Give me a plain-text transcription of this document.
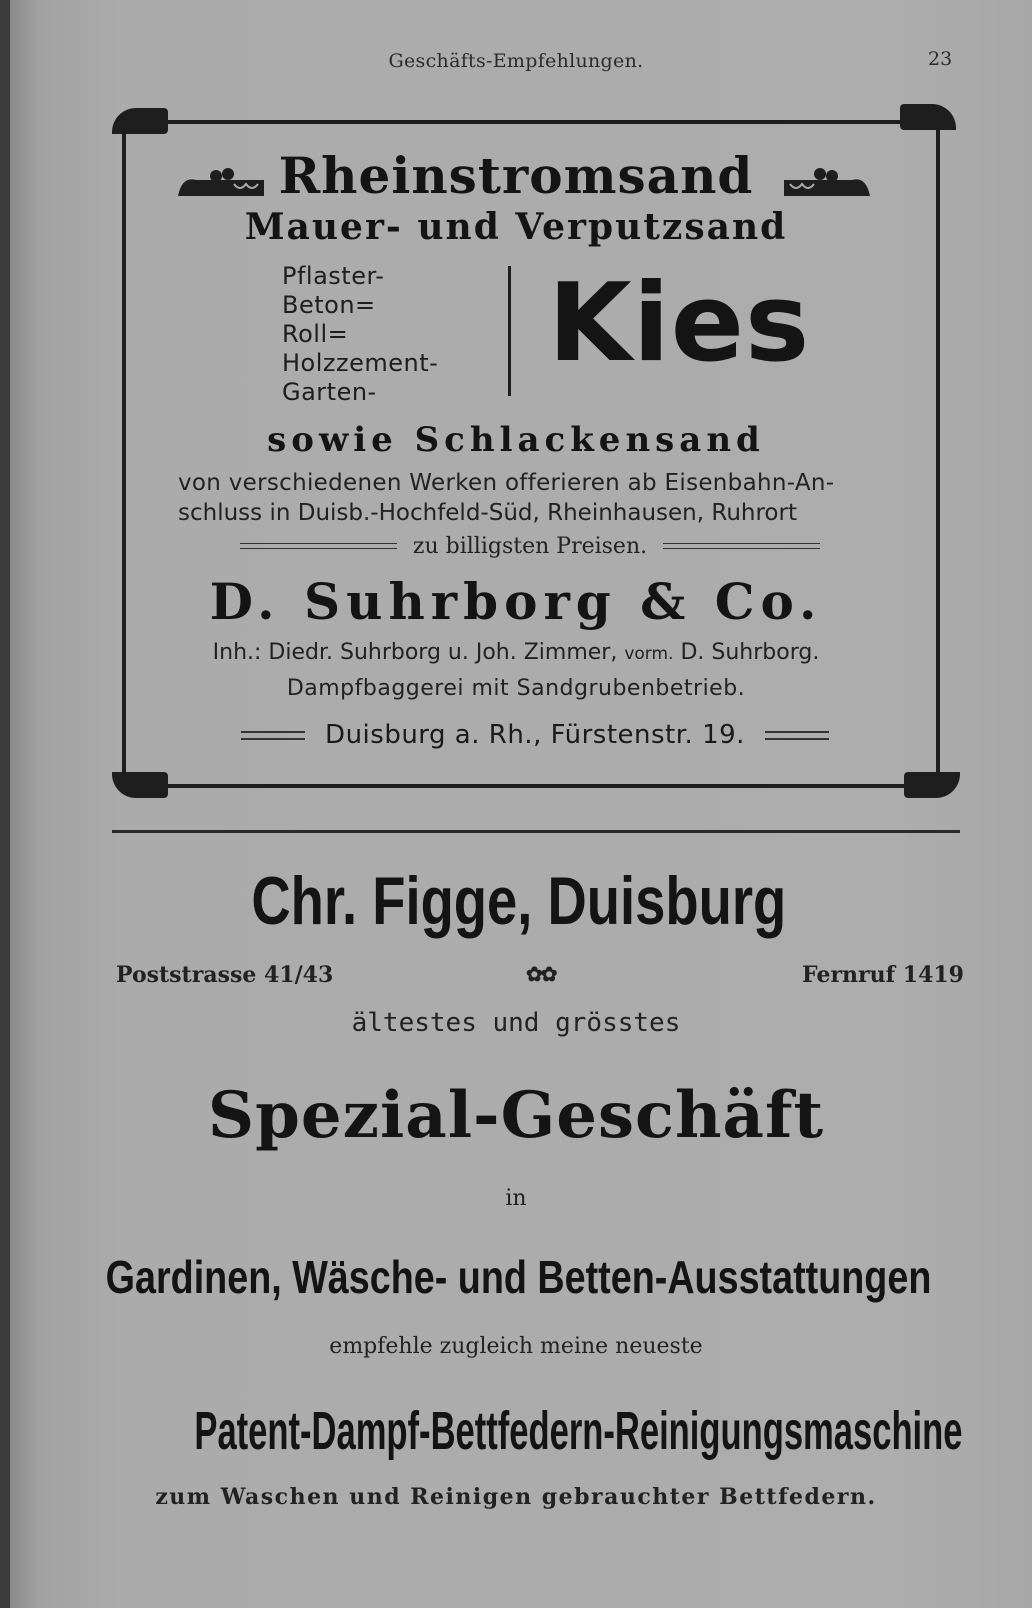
Geschäfts-Empfehlungen.	23
Rheinstromsand
Mauer- und Verputzsand
Pflaster-
Beton=
Roll=
Holzzement-
Garten-
Kies
sowie Schlackensand
von verschiedenen Werken offerieren ab Eisenbahn-An-
schluss in Duisb.-Hochfeld-Süd, Rheinhausen, Ruhrort
zu billigsten Preisen.
D. Suhrborg & Co.
Inh.: Diedr. Suhrborg u. Joh. Zimmer, vorm. D. Suhrborg.
Dampfbaggerei mit Sandgrubenbetrieb.
Duisburg a. Rh., Fürstenstr. 19.
Chr. Figge, Duisburg
Poststrasse 41/43	✿✿	Fernruf 1419
ältestes und grösstes
Spezial-Geschäft
in
Gardinen, Wäsche- und Betten-Ausstattungen
empfehle zugleich meine neueste
Patent-Dampf-Bettfedern-Reinigungsmaschine
zum Waschen und Reinigen gebrauchter Bettfedern.
